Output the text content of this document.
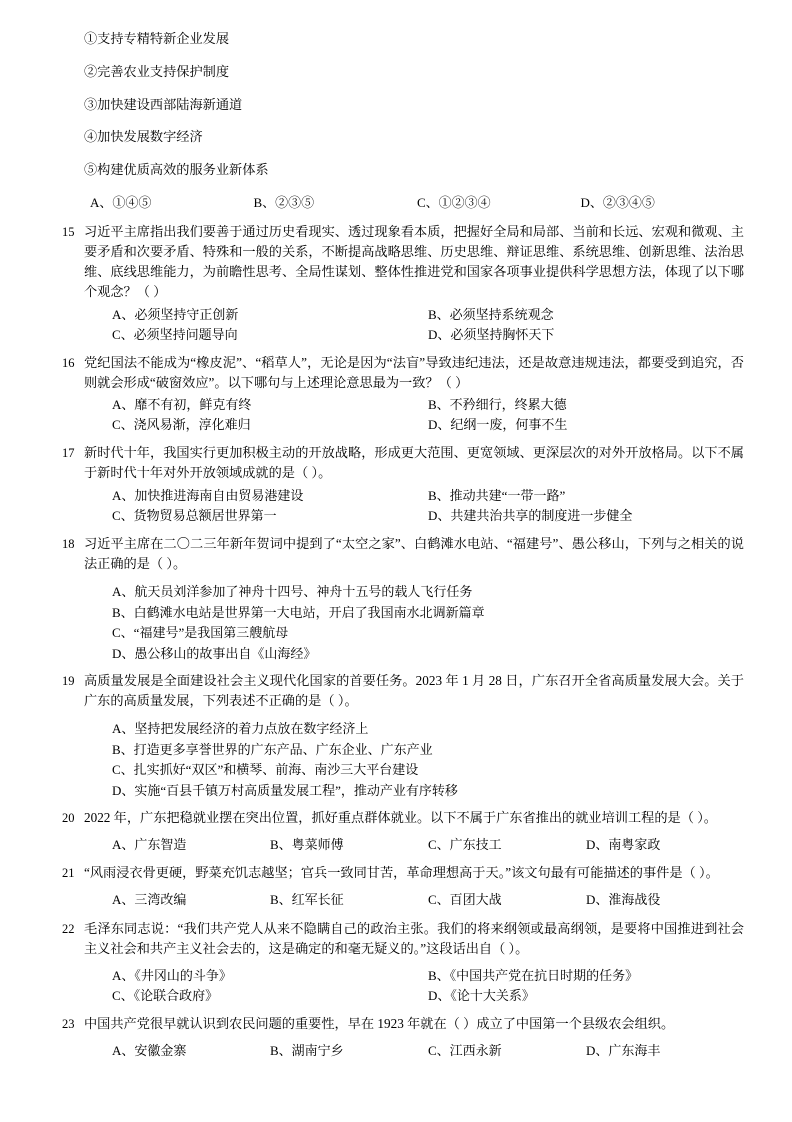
①支持专精特新企业发展
②完善农业支持保护制度
③加快建设西部陆海新通道
④加快发展数字经济
⑤构建优质高效的服务业新体系
A、①④⑤	B、②③⑤	C、①②③④	D、②③④⑤
15 习近平主席指出我们要善于通过历史看现实、透过现象看本质，把握好全局和局部、当前和长远、宏观和微观、主要矛盾和次要矛盾、特殊和一般的关系，不断提高战略思维、历史思维、辩证思维、系统思维、创新思维、法治思维、底线思维能力，为前瞻性思考、全局性谋划、整体性推进党和国家各项事业提供科学思想方法，体现了以下哪个观念？（ ）
A、必须坚持守正创新	B、必须坚持系统观念
C、必须坚持问题导向	D、必须坚持胸怀天下
16 党纪国法不能成为“橡皮泥”、“稻草人”，无论是因为“法盲”导致违纪违法，还是故意违规违法，都要受到追究，否则就会形成“破窗效应”。以下哪句与上述理论意思最为一致？（ ）
A、靡不有初，鲜克有终	B、不矜细行，终累大德
C、浇风易渐，淳化难归	D、纪纲一废，何事不生
17 新时代十年，我国实行更加积极主动的开放战略，形成更大范围、更宽领域、更深层次的对外开放格局。以下不属于新时代十年对外开放领域成就的是（ ）。
A、加快推进海南自由贸易港建设	B、推动共建“一带一路”
C、货物贸易总额居世界第一	D、共建共治共享的制度进一步健全
18 习近平主席在二〇二三年新年贺词中提到了“太空之家”、白鹤滩水电站、“福建号”、愚公移山，下列与之相关的说法正确的是（ ）。
A、航天员刘洋参加了神舟十四号、神舟十五号的载人飞行任务
B、白鹤滩水电站是世界第一大电站，开启了我国南水北调新篇章
C、“福建号”是我国第三艘航母
D、愚公移山的故事出自《山海经》
19 高质量发展是全面建设社会主义现代化国家的首要任务。2023 年 1 月 28 日，广东召开全省高质量发展大会。关于广东的高质量发展，下列表述不正确的是（ ）。
A、坚持把发展经济的着力点放在数字经济上
B、打造更多享誉世界的广东产品、广东企业、广东产业
C、扎实抓好“双区”和横琴、前海、南沙三大平台建设
D、实施“百县千镇万村高质量发展工程”，推动产业有序转移
20 2022 年，广东把稳就业摆在突出位置，抓好重点群体就业。以下不属于广东省推出的就业培训工程的是（ ）。
A、广东智造	B、粤菜师傅	C、广东技工	D、南粤家政
21 “风雨浸衣骨更硬，野菜充饥志越坚；官兵一致同甘苦，革命理想高于天。”该文句最有可能描述的事件是（ ）。
A、三湾改编	B、红军长征	C、百团大战	D、淮海战役
22 毛泽东同志说：“我们共产党人从来不隐瞒自己的政治主张。我们的将来纲领或最高纲领，是要将中国推进到社会主义社会和共产主义社会去的，这是确定的和毫无疑义的。”这段话出自（ ）。
A、《井冈山的斗争》	B、《中国共产党在抗日时期的任务》
C、《论联合政府》	D、《论十大关系》
23 中国共产党很早就认识到农民问题的重要性，早在 1923 年就在（ ）成立了中国第一个县级农会组织。
A、安徽金寨	B、湖南宁乡	C、江西永新	D、广东海丰
